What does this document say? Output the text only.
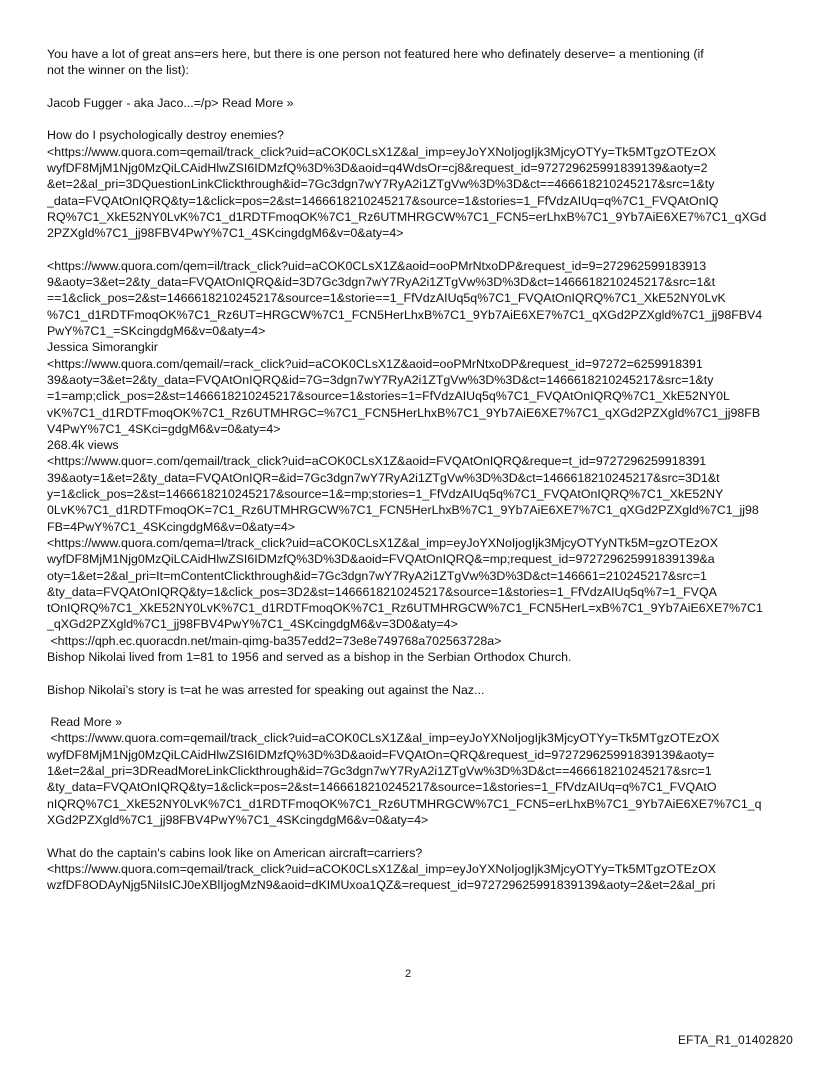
You have a lot of great ans=ers here, but there is one person not featured here who definately deserve= a mentioning (if
not the winner on the list):
Jacob Fugger - aka Jaco...=/p> Read More »
How do I psychologically destroy enemies?
<https://www.quora.com=qemail/track_click?uid=aCOK0CLsX1Z&al_imp=eyJoYXNoIjogIjk3MjcyOTYy=Tk5MTgzOTEzOX
wyfDF8MjM1Njg0MzQiLCAidHlwZSI6IDMzfQ%3D%3D&aoid=q4WdsOr=cj8&request_id=972729625991839139&aoty=2
&et=2&al_pri=3DQuestionLinkClickthrough&id=7Gc3dgn7wY7RyA2i1ZTgVw%3D%3D&ct==466618210245217&src=1&ty
_data=FVQAtOnIQRQ&ty=1&click=pos=2&st=1466618210245217&source=1&stories=1_FfVdzAIUq=q%7C1_FVQAtOnIQ
RQ%7C1_XkE52NY0LvK%7C1_d1RDTFmoqOK%7C1_Rz6UTMHRGCW%7C1_FCN5=erLhxB%7C1_9Yb7AiE6XE7%7C1_qXGd
2PZXgld%7C1_jj98FBV4PwY%7C1_4SKcingdgM6&v=0&aty=4>
<https://www.quora.com/qem=il/track_click?uid=aCOK0CLsX1Z&aoid=ooPMrNtxoDP&request_id=9=272962599183913
9&aoty=3&et=2&ty_data=FVQAtOnIQRQ&id=3D7Gc3dgn7wY7RyA2i1ZTgVw%3D%3D&ct=1466618210245217&src=1&t
==1&click_pos=2&st=1466618210245217&source=1&storie==1_FfVdzAIUq5q%7C1_FVQAtOnIQRQ%7C1_XkE52NY0LvK
%7C1_d1RDTFmoqOK%7C1_Rz6UT=HRGCW%7C1_FCN5HerLhxB%7C1_9Yb7AiE6XE7%7C1_qXGd2PZXgld%7C1_jj98FBV4
PwY%7C1_=SKcingdgM6&v=0&aty=4>
Jessica Simorangkir
<https://www.quora.com/qemail/=rack_click?uid=aCOK0CLsX1Z&aoid=ooPMrNtxoDP&request_id=97272=6259918391
39&aoty=3&et=2&ty_data=FVQAtOnIQRQ&id=7G=3dgn7wY7RyA2i1ZTgVw%3D%3D&ct=1466618210245217&src=1&ty
=1=amp;click_pos=2&st=1466618210245217&source=1&stories=1=FfVdzAIUq5q%7C1_FVQAtOnIQRQ%7C1_XkE52NY0L
vK%7C1_d1RDTFmoqOK%7C1_Rz6UTMHRGC=%7C1_FCN5HerLhxB%7C1_9Yb7AiE6XE7%7C1_qXGd2PZXgld%7C1_jj98FB
V4PwY%7C1_4SKci=gdgM6&v=0&aty=4>
268.4k views
<https://www.quor=.com/qemail/track_click?uid=aCOK0CLsX1Z&aoid=FVQAtOnIQRQ&reque=t_id=9727296259918391
39&aoty=1&et=2&ty_data=FVQAtOnIQR=&id=7Gc3dgn7wY7RyA2i1ZTgVw%3D%3D&ct=1466618210245217&src=3D1&t
y=1&click_pos=2&st=1466618210245217&source=1&=mp;stories=1_FfVdzAIUq5q%7C1_FVQAtOnIQRQ%7C1_XkE52NY
0LvK%7C1_d1RDTFmoqOK=7C1_Rz6UTMHRGCW%7C1_FCN5HerLhxB%7C1_9Yb7AiE6XE7%7C1_qXGd2PZXgld%7C1_jj98
FB=4PwY%7C1_4SKcingdgM6&v=0&aty=4>
<https://www.quora.com/qema=l/track_click?uid=aCOK0CLsX1Z&al_imp=eyJoYXNoIjogIjk3MjcyOTYyNTk5M=gzOTEzOX
wyfDF8MjM1Njg0MzQiLCAidHlwZSI6IDMzfQ%3D%3D&aoid=FVQAtOnIQRQ&=mp;request_id=972729625991839139&a
oty=1&et=2&al_pri=It=mContentClickthrough&id=7Gc3dgn7wY7RyA2i1ZTgVw%3D%3D&ct=146661=210245217&src=1
&ty_data=FVQAtOnIQRQ&ty=1&click_pos=3D2&st=1466618210245217&source=1&stories=1_FfVdzAIUq5q%7=1_FVQA
tOnIQRQ%7C1_XkE52NY0LvK%7C1_d1RDTFmoqOK%7C1_Rz6UTMHRGCW%7C1_FCN5HerL=xB%7C1_9Yb7AiE6XE7%7C1
_qXGd2PZXgld%7C1_jj98FBV4PwY%7C1_4SKcingdgM6&v=3D0&aty=4>
<https://qph.ec.quoracdn.net/main-qimg-ba357edd2=73e8e749768a702563728a>
Bishop Nikolai lived from 1=81 to 1956 and served as a bishop in the Serbian Orthodox Church.
Bishop Nikolai’s story is t=at he was arrested for speaking out against the Naz...
Read More »
<https://www.quora.com=qemail/track_click?uid=aCOK0CLsX1Z&al_imp=eyJoYXNoIjogIjk3MjcyOTYy=Tk5MTgzOTEzOX
wyfDF8MjM1Njg0MzQiLCAidHlwZSI6IDMzfQ%3D%3D&aoid=FVQAtOn=QRQ&request_id=972729625991839139&aoty=
1&et=2&al_pri=3DReadMoreLinkClickthrough&id=7Gc3dgn7wY7RyA2i1ZTgVw%3D%3D&ct==466618210245217&src=1
&ty_data=FVQAtOnIQRQ&ty=1&click=pos=2&st=1466618210245217&source=1&stories=1_FfVdzAIUq=q%7C1_FVQAtO
nIQRQ%7C1_XkE52NY0LvK%7C1_d1RDTFmoqOK%7C1_Rz6UTMHRGCW%7C1_FCN5=erLhxB%7C1_9Yb7AiE6XE7%7C1_q
XGd2PZXgld%7C1_jj98FBV4PwY%7C1_4SKcingdgM6&v=0&aty=4>
What do the captain's cabins look like on American aircraft=carriers?
<https://www.quora.com=qemail/track_click?uid=aCOK0CLsX1Z&al_imp=eyJoYXNoIjogIjk3MjcyOTYy=Tk5MTgzOTEzOX
wzfDF8ODAyNjg5NiIsICJ0eXBlIjogMzN9&aoid=dKIMUxoa1QZ&=request_id=972729625991839139&aoty=2&et=2&al_pri
2
EFTA_R1_01402820
